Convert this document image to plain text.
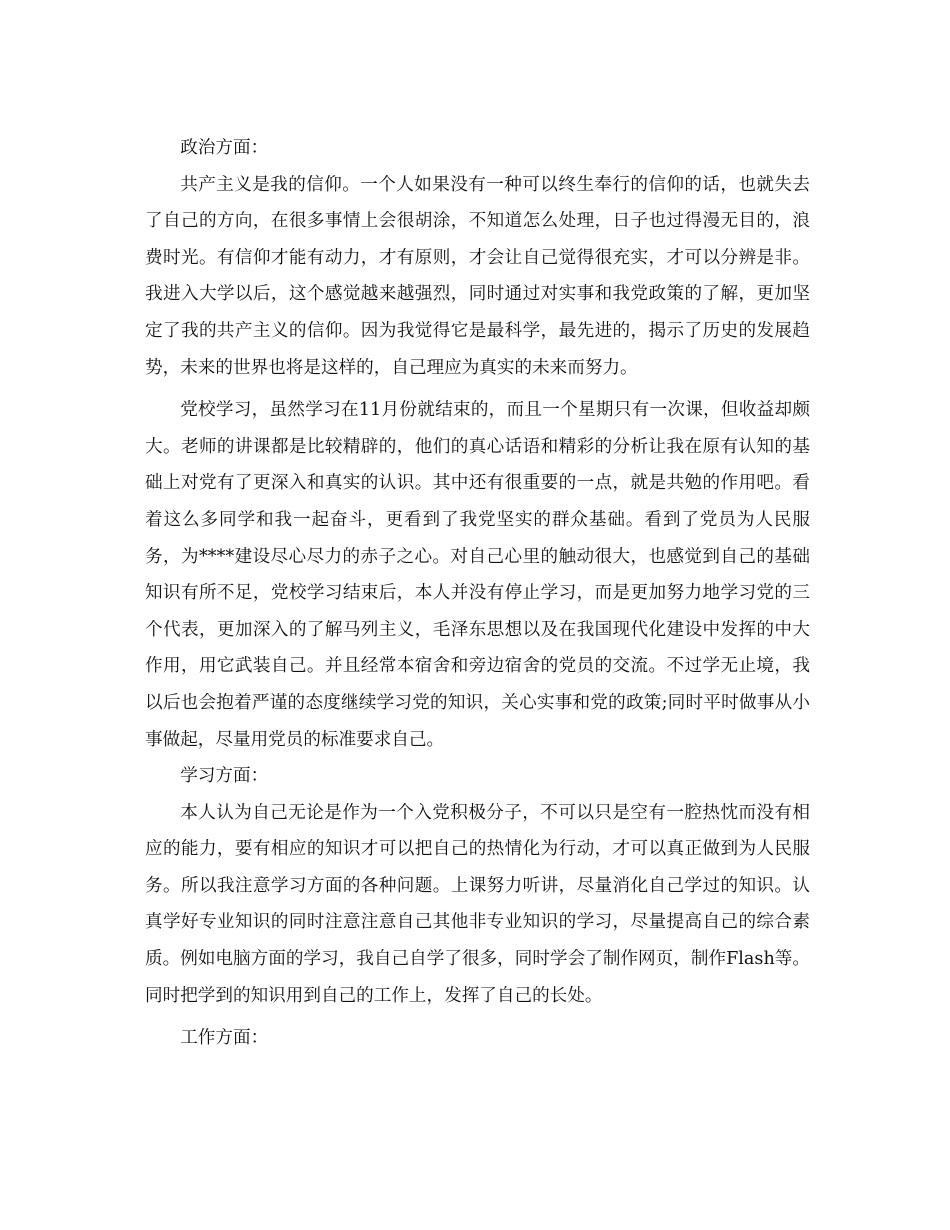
政治方面：

共产主义是我的信仰。一个人如果没有一种可以终生奉行的信仰的话，也就失去了自己的方向，在很多事情上会很胡涂，不知道怎么处理，日子也过得漫无目的，浪费时光。有信仰才能有动力，才有原则，才会让自己觉得很充实，才可以分辨是非。我进入大学以后，这个感觉越来越强烈，同时通过对实事和我党政策的了解，更加坚定了我的共产主义的信仰。因为我觉得它是最科学，最先进的，揭示了历史的发展趋势，未来的世界也将是这样的，自己理应为真实的未来而努力。

党校学习，虽然学习在11月份就结束的，而且一个星期只有一次课，但收益却颇大。老师的讲课都是比较精辟的，他们的真心话语和精彩的分析让我在原有认知的基础上对党有了更深入和真实的认识。其中还有很重要的一点，就是共勉的作用吧。看着这么多同学和我一起奋斗，更看到了我党坚实的群众基础。看到了党员为人民服务，为****建设尽心尽力的赤子之心。对自己心里的触动很大，也感觉到自己的基础知识有所不足，党校学习结束后，本人并没有停止学习，而是更加努力地学习党的三个代表，更加深入的了解马列主义，毛泽东思想以及在我国现代化建设中发挥的中大作用，用它武装自己。并且经常本宿舍和旁边宿舍的党员的交流。不过学无止境，我以后也会抱着严谨的态度继续学习党的知识，关心实事和党的政策;同时平时做事从小事做起，尽量用党员的标准要求自己。

学习方面：

本人认为自己无论是作为一个入党积极分子，不可以只是空有一腔热忱而没有相应的能力，要有相应的知识才可以把自己的热情化为行动，才可以真正做到为人民服务。所以我注意学习方面的各种问题。上课努力听讲，尽量消化自己学过的知识。认真学好专业知识的同时注意注意自己其他非专业知识的学习，尽量提高自己的综合素质。例如电脑方面的学习，我自己自学了很多，同时学会了制作网页，制作Flash等。同时把学到的知识用到自己的工作上，发挥了自己的长处。

工作方面：
